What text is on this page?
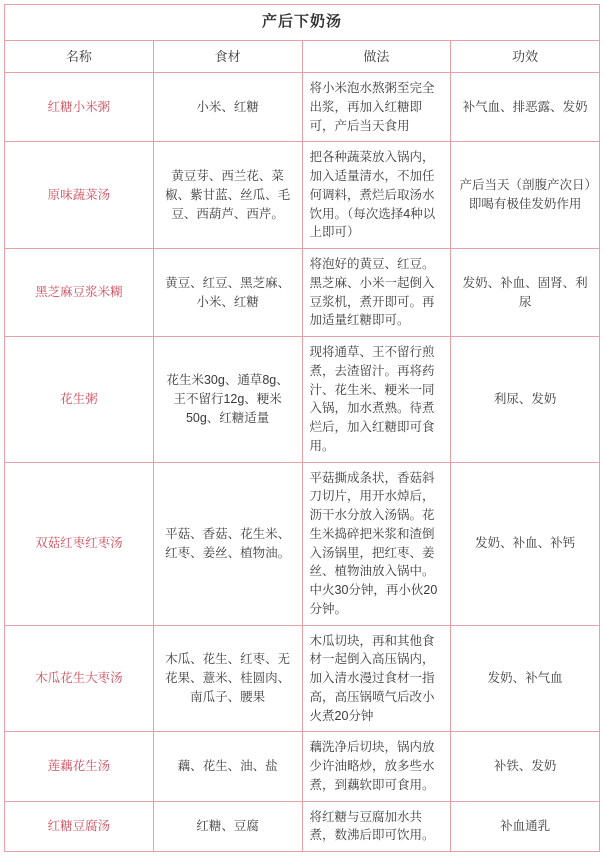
产后下奶汤			
名称	食材	做法	功效
红糖小米粥	小米、红糖	将小米泡水熬粥至完全出浆，再加入红糖即可，产后当天食用	补气血、排恶露、发奶
原味蔬菜汤	黄豆芽、西兰花、菜椒、紫甘蓝、丝瓜、毛豆、西葫芦、西芹。	把各种蔬菜放入锅内，加入适量清水，不加任何调料，煮烂后取汤水饮用。（每次选择4种以上即可）	产后当天（剖腹产次日）即喝有极佳发奶作用
黑芝麻豆浆米糊	黄豆、红豆、黑芝麻、小米、红糖	将泡好的黄豆、红豆。黑芝麻、小米一起倒入豆浆机，煮开即可。再加适量红糖即可。	发奶、补血、固肾、利尿
花生粥	花生米30g、通草8g、王不留行12g、粳米50g、红糖适量	现将通草、王不留行煎煮，去渣留汁。再将药汁、花生米、粳米一同入锅，加水煮熟。待煮烂后，加入红糖即可食用。	利尿、发奶
双菇红枣红枣汤	平菇、香菇、花生米、红枣、姜丝、植物油。	平菇撕成条状，香菇斜刀切片，用开水焯后，沥干水分放入汤锅。花生米捣碎把米浆和渣倒入汤锅里，把红枣、姜丝、植物油放入锅中。中火30分钟，再小伙20分钟。	发奶、补血、补钙
木瓜花生大枣汤	木瓜、花生、红枣、无花果、薏米、桂圆肉、南瓜子、腰果	木瓜切块，再和其他食材一起倒入高压锅内，加入清水漫过食材一指高，高压锅喷气后改小火煮20分钟	发奶、补气血
莲藕花生汤	藕、花生、油、盐	藕洗净后切块，锅内放少许油略炒，放多些水煮，到藕软即可食用。	补铁、发奶
红糖豆腐汤	红糖、豆腐	将红糖与豆腐加水共煮，数沸后即可饮用。	补血通乳
